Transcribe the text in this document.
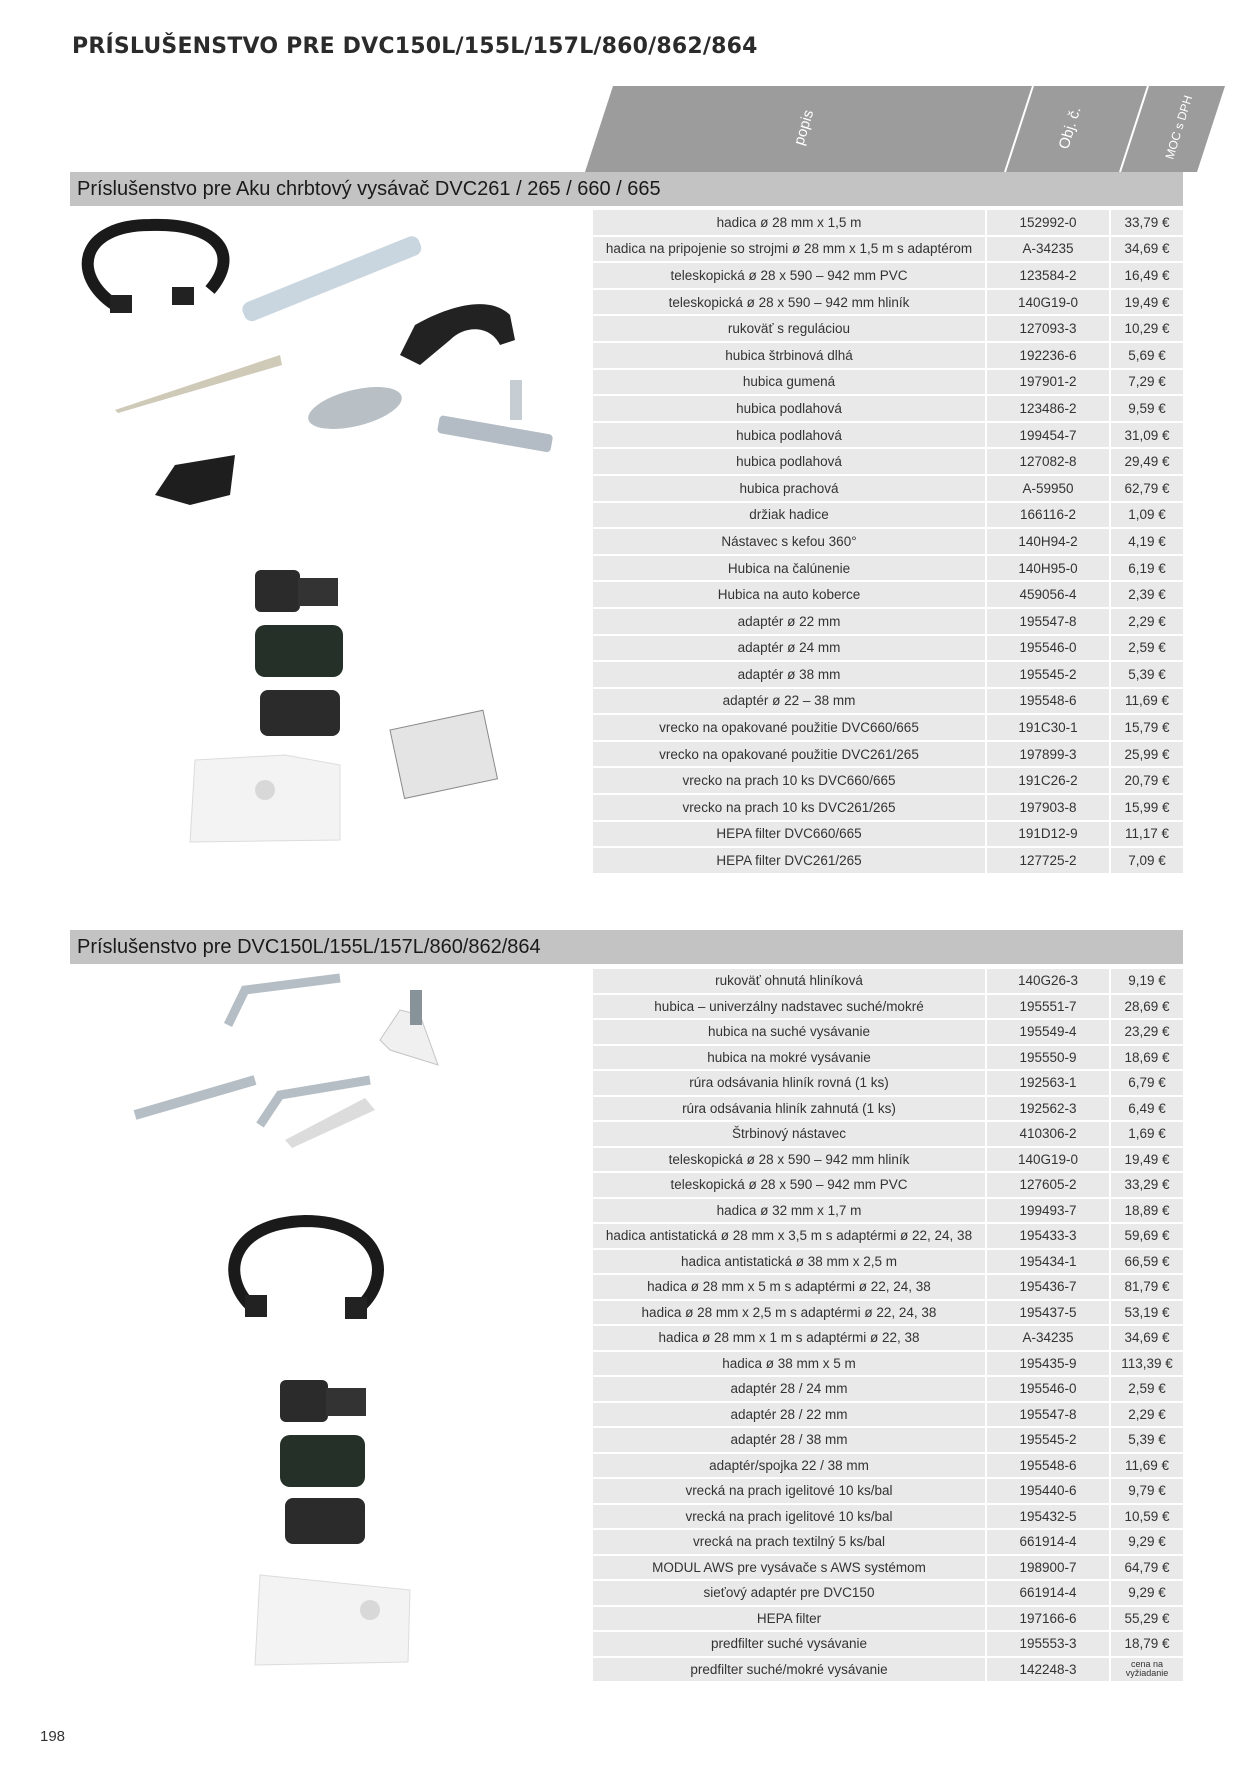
PRÍSLUŠENSTVO PRE DVC150L/155L/157L/860/862/864
popis	Obj. č.	MOC s DPH
Príslušenstvo pre Aku chrbtový vysávač DVC261 / 265 / 660 / 665
hadica ø 28 mm x 1,5 m	152992-0	33,79 €
hadica na pripojenie so strojmi ø 28 mm x 1,5 m s adaptérom	A-34235	34,69 €
teleskopická ø 28 x 590 – 942 mm PVC	123584-2	16,49 €
teleskopická ø 28 x 590 – 942 mm hliník	140G19-0	19,49 €
rukoväť s reguláciou	127093-3	10,29 €
hubica štrbinová dlhá	192236-6	5,69 €
hubica gumená	197901-2	7,29 €
hubica podlahová	123486-2	9,59 €
hubica podlahová	199454-7	31,09 €
hubica podlahová	127082-8	29,49 €
hubica prachová	A-59950	62,79 €
držiak hadice	166116-2	1,09 €
Nástavec s kefou 360°	140H94-2	4,19 €
Hubica na čalúnenie	140H95-0	6,19 €
Hubica na auto koberce	459056-4	2,39 €
adaptér ø 22 mm	195547-8	2,29 €
adaptér ø 24 mm	195546-0	2,59 €
adaptér ø 38 mm	195545-2	5,39 €
adaptér ø 22 – 38 mm	195548-6	11,69 €
vrecko na opakované použitie DVC660/665	191C30-1	15,79 €
vrecko na opakované použitie DVC261/265	197899-3	25,99 €
vrecko na prach 10 ks DVC660/665	191C26-2	20,79 €
vrecko na prach 10 ks DVC261/265	197903-8	15,99 €
HEPA filter DVC660/665	191D12-9	11,17 €
HEPA filter DVC261/265	127725-2	7,09 €
Príslušenstvo pre DVC150L/155L/157L/860/862/864
rukoväť ohnutá hliníková	140G26-3	9,19 €
hubica – univerzálny nadstavec suché/mokré	195551-7	28,69 €
hubica na suché vysávanie	195549-4	23,29 €
hubica na mokré vysávanie	195550-9	18,69 €
rúra odsávania hliník rovná (1 ks)	192563-1	6,79 €
rúra odsávania hliník zahnutá (1 ks)	192562-3	6,49 €
Štrbinový nástavec	410306-2	1,69 €
teleskopická ø 28 x 590 – 942 mm hliník	140G19-0	19,49 €
teleskopická ø 28 x 590 – 942 mm PVC	127605-2	33,29 €
hadica ø 32 mm x 1,7 m	199493-7	18,89 €
hadica antistatická ø 28 mm x 3,5 m s adaptérmi ø 22, 24, 38	195433-3	59,69 €
hadica antistatická ø 38 mm x 2,5 m	195434-1	66,59 €
hadica ø 28 mm x 5 m s adaptérmi ø 22, 24, 38	195436-7	81,79 €
hadica ø 28 mm x 2,5 m s adaptérmi ø 22, 24, 38	195437-5	53,19 €
hadica ø 28 mm x 1 m s adaptérmi ø 22, 38	A-34235	34,69 €
hadica ø 38 mm x 5 m	195435-9	113,39 €
adaptér 28 / 24 mm	195546-0	2,59 €
adaptér 28 / 22 mm	195547-8	2,29 €
adaptér 28 / 38 mm	195545-2	5,39 €
adaptér/spojka 22 / 38 mm	195548-6	11,69 €
vrecká na prach igelitové 10 ks/bal	195440-6	9,79 €
vrecká na prach igelitové 10 ks/bal	195432-5	10,59 €
vrecká na prach textilný 5 ks/bal	661914-4	9,29 €
MODUL AWS pre vysávače s AWS systémom	198900-7	64,79 €
sieťový adaptér pre DVC150	661914-4	9,29 €
HEPA filter	197166-6	55,29 €
predfilter suché vysávanie	195553-3	18,79 €
predfilter suché/mokré vysávanie	142248-3	cena na vyžiadanie
198
